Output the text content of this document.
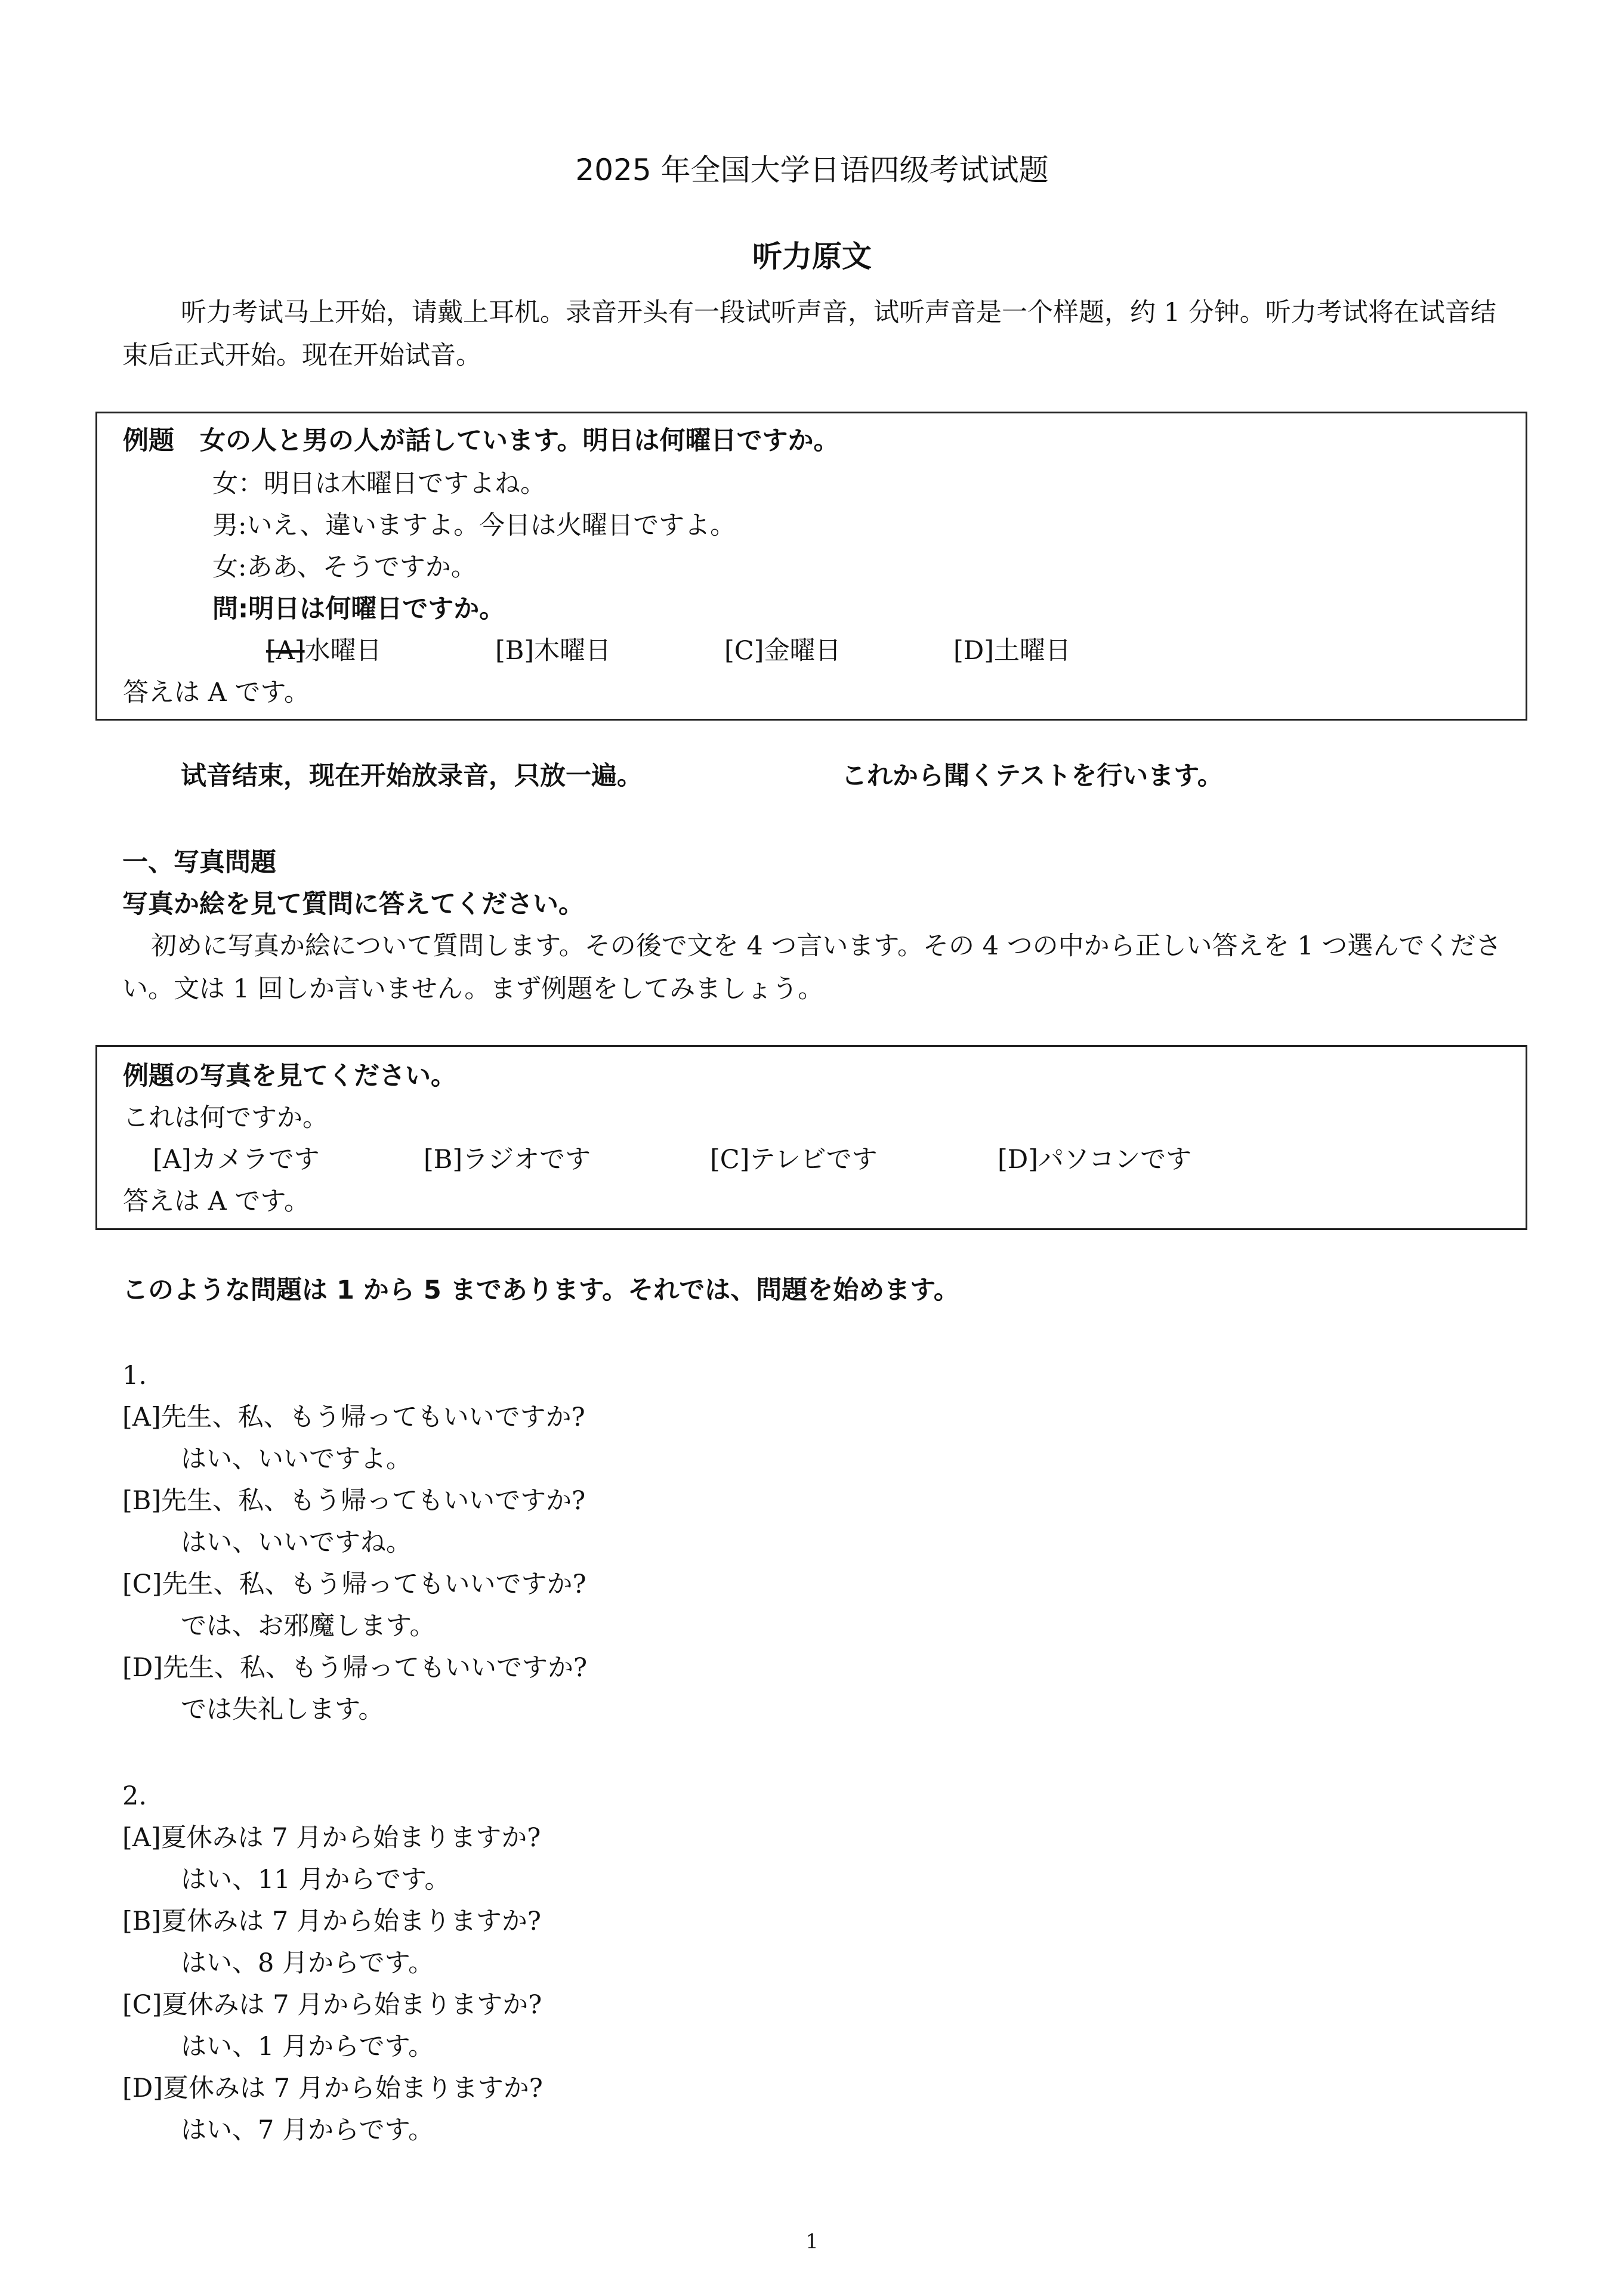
2025 年全国大学日语四级考试试题
听力原文
听力考试马上开始，请戴上耳机。录音开头有一段试听声音，试听声音是一个样题，约 1 分钟。听力考试将在试音结束后正式开始。现在开始试音。
例题　女の人と男の人が話しています。明日は何曜日ですか。
女：明日は木曜日ですよね。
男:いえ、違いますよ。今日は火曜日ですよ。
女:ああ、そうですか。
問:明日は何曜日ですか。
[A]水曜日	[B]木曜日	[C]金曜日	[D]土曜日
答えは A です。
试音结束，现在开始放录音，只放一遍。	これから聞くテストを行います。
一、写真問題
写真か絵を見て質問に答えてください。
初めに写真か絵について質問します。その後で文を 4 つ言います。その 4 つの中から正しい答えを 1 つ選んでください。文は 1 回しか言いません。まず例題をしてみましょう。
例題の写真を見てください。
これは何ですか。
[A]カメラです	[B]ラジオです	[C]テレビです	[D]パソコンです
答えは A です。
このような問題は 1 から 5 まであります。それでは、問題を始めます。
1.
[A]先生、私、もう帰ってもいいですか?
はい、いいですよ。
[B]先生、私、もう帰ってもいいですか?
はい、いいですね。
[C]先生、私、もう帰ってもいいですか?
では、お邪魔します。
[D]先生、私、もう帰ってもいいですか?
では失礼します。
2.
[A]夏休みは 7 月から始まりますか?
はい、11 月からです。
[B]夏休みは 7 月から始まりますか?
はい、8 月からです。
[C]夏休みは 7 月から始まりますか?
はい、1 月からです。
[D]夏休みは 7 月から始まりますか?
はい、7 月からです。
1
